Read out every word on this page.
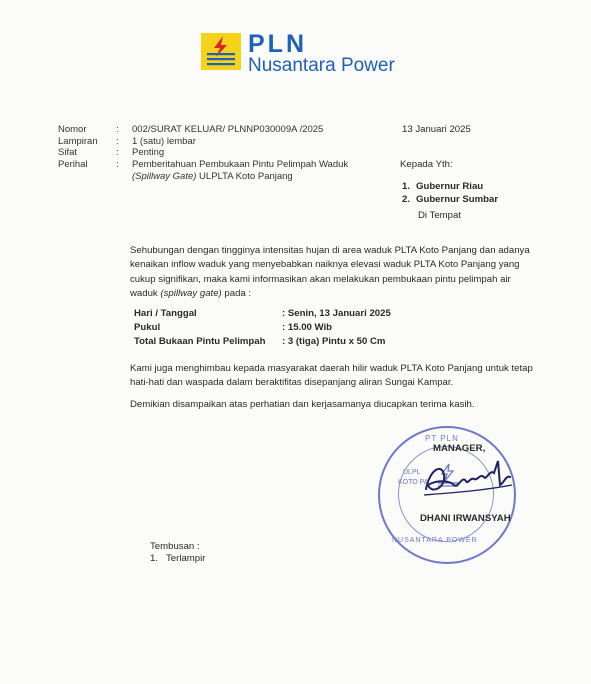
PLN
Nusantara Power
Nomor	: 002/SURAT KELUAR/ PLNNP030009A /2025
Lampiran : 1 (satu) lembar
Sifat	: Penting
Perihal	: Pemberitahuan Pembukaan Pintu Pelimpah Waduk
(Spillway Gate) ULPLTA Koto Panjang
13 Januari 2025
Kepada Yth:
1. Gubernur Riau
2. Gubernur Sumbar
Di Tempat
Sehubungan dengan tingginya intensitas hujan di area waduk PLTA Koto Panjang dan adanya kenaikan inflow waduk yang menyebabkan naiknya elevasi waduk PLTA Koto Panjang yang cukup signifikan, maka kami informasikan akan melakukan pembukaan pintu pelimpah air waduk (spillway gate) pada :
Hari / Tanggal	: Senin, 13 Januari 2025
Pukul	: 15.00 Wib
Total Bukaan Pintu Pelimpah : 3 (tiga) Pintu x 50 Cm
Kami juga menghimbau kepada masyarakat daerah hilir waduk PLTA Koto Panjang untuk tetap hati-hati dan waspada dalam beraktifitas disepanjang aliran Sungai Kampar.
Demikian disampaikan atas perhatian dan kerjasamanya diucapkan terima kasih.
PT PLN
ULPL
KOTO PA
NUSANTARA POWER
MANAGER,
DHANI IRWANSYAH
Tembusan :
1. Terlampir
